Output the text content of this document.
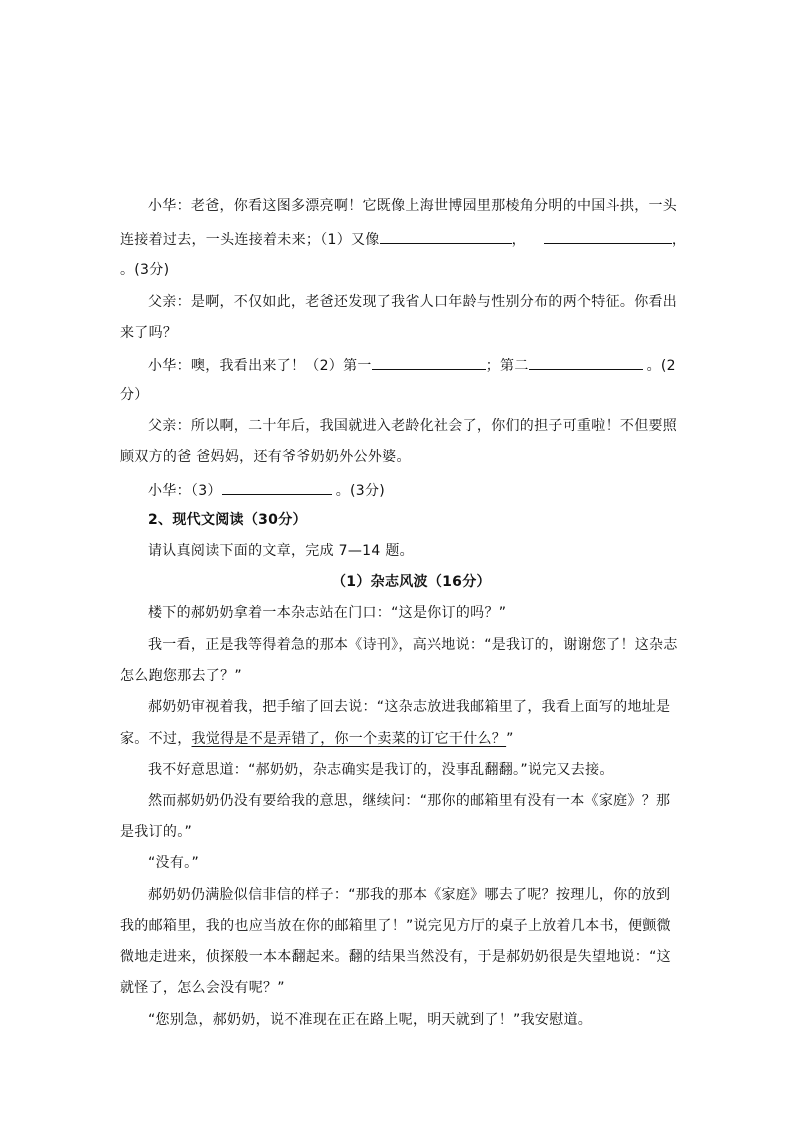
小华：老爸，你看这图多漂亮啊！它既像上海世博园里那棱角分明的中国斗拱，一头
连接着过去，一头连接着未来；（1）又像	，	，
。(3分)
父亲：是啊，不仅如此，老爸还发现了我省人口年龄与性别分布的两个特征。你看出
来了吗？
小华：噢，我看出来了！（2）第一	；第二	。(2
分）
父亲：所以啊，二十年后，我国就进入老龄化社会了，你们的担子可重啦！不但要照
顾双方的爸 爸妈妈，还有爷爷奶奶外公外婆。
小华：（3）	。(3分)
2、现代文阅读（30分）
请认真阅读下面的文章，完成 7—14 题。
（1）杂志风波（16分）
楼下的郝奶奶拿着一本杂志站在门口：“这是你订的吗？”
我一看，正是我等得着急的那本《诗刊》，高兴地说：“是我订的，谢谢您了！这杂志
怎么跑您那去了？”
郝奶奶审视着我，把手缩了回去说：“这杂志放进我邮箱里了，我看上面写的地址是
家。不过，我觉得是不是弄错了，你一个卖菜的订它干什么？”
我不好意思道：“郝奶奶，杂志确实是我订的，没事乱翻翻。”说完又去接。
然而郝奶奶仍没有要给我的意思，继续问：“那你的邮箱里有没有一本《家庭》？那
是我订的。”
“没有。”
郝奶奶仍满脸似信非信的样子：“那我的那本《家庭》哪去了呢？按理儿，你的放到
我的邮箱里，我的也应当放在你的邮箱里了！”说完见方厅的桌子上放着几本书，便颤微
微地走进来，侦探般一本本翻起来。翻的结果当然没有，于是郝奶奶很是失望地说：“这
就怪了，怎么会没有呢？”
“您别急，郝奶奶，说不准现在正在路上呢，明天就到了！”我安慰道。
